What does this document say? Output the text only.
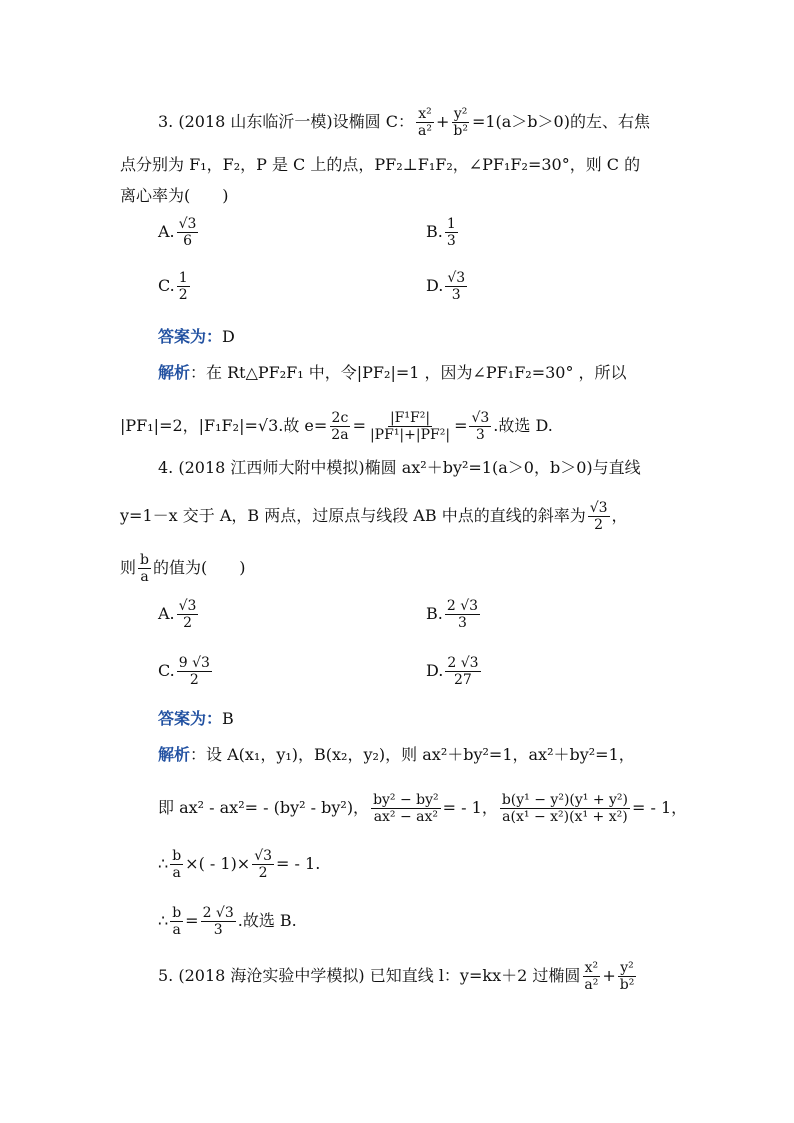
3. (2018 山东临沂一模)设椭圆 C： $\frac{\text{x²}}{\text{a²}} + \frac{\text{y²}}{\text{b²}} =1(a>b>0)$的左、右焦
点分别为 F₁，F₂，P 是 C 上的点，PF₂⊥F₁F₂，∠PF₁F₂=30°，则 C 的
离心率为(　　)
A. $\frac{√3}{6}$	B. $\frac{1}{3}$
C. $\frac{1}{2}$	D. $\frac{√3}{3}$
答案为：D
解析：在 Rt△PF₂F₁ 中，令|PF₂|=1 ，因为∠PF₁F₂=30° ，所以
|PF₁|=2，|F₁F₂|=√3.故 $e= \frac{2c}{2a} = \frac{\text{|F¹F²|}}{\text{|PF¹|+|PF²|}} = \frac{√3}{3}$ .故选 D.
4. (2018 江西师大附中模拟)椭圆 ax²＋by²=1(a＞0，b＞0)与直线
y=1－x 交于 A，B 两点，过原点与线段 AB 中点的直线的斜率为 $\frac{√3}{2}$ ，
则 $\frac{b}{a}$ 的值为(　　)
A. $\frac{√3}{2}$	B. $\frac{2 √3}{3}$
C. $\frac{9 √3}{2}$	D. $\frac{2 √3}{27}$
答案为：B
解析：设 A(x₁，y₁)，B(x₂，y₂)，则 ax²＋by²=1，ax²＋by²=1，
即 ax² - ax²= - (by² - by²)， $\frac{\text{by² − by²}}{\text{ax² − ax²}}$ = - 1， $\frac{\text{b(y¹ − y²)(y¹ + y²)}}{\text{a(x¹ − x²)(x¹ + x²)}}$ = - 1，
∴ $\frac{b}{a}$ ×( - $1)\times \frac{√3}{2}$ = - 1.
∴ $\frac{b}{a} = \frac{2 √3}{3}$ .故选 B.
5. (2018 海沧实验中学模拟) 已知直线 l：y=kx＋2 过椭圆 $\frac{\text{x²}}{\text{a²}} + \frac{\text{y²}}{\text{b²}}$
